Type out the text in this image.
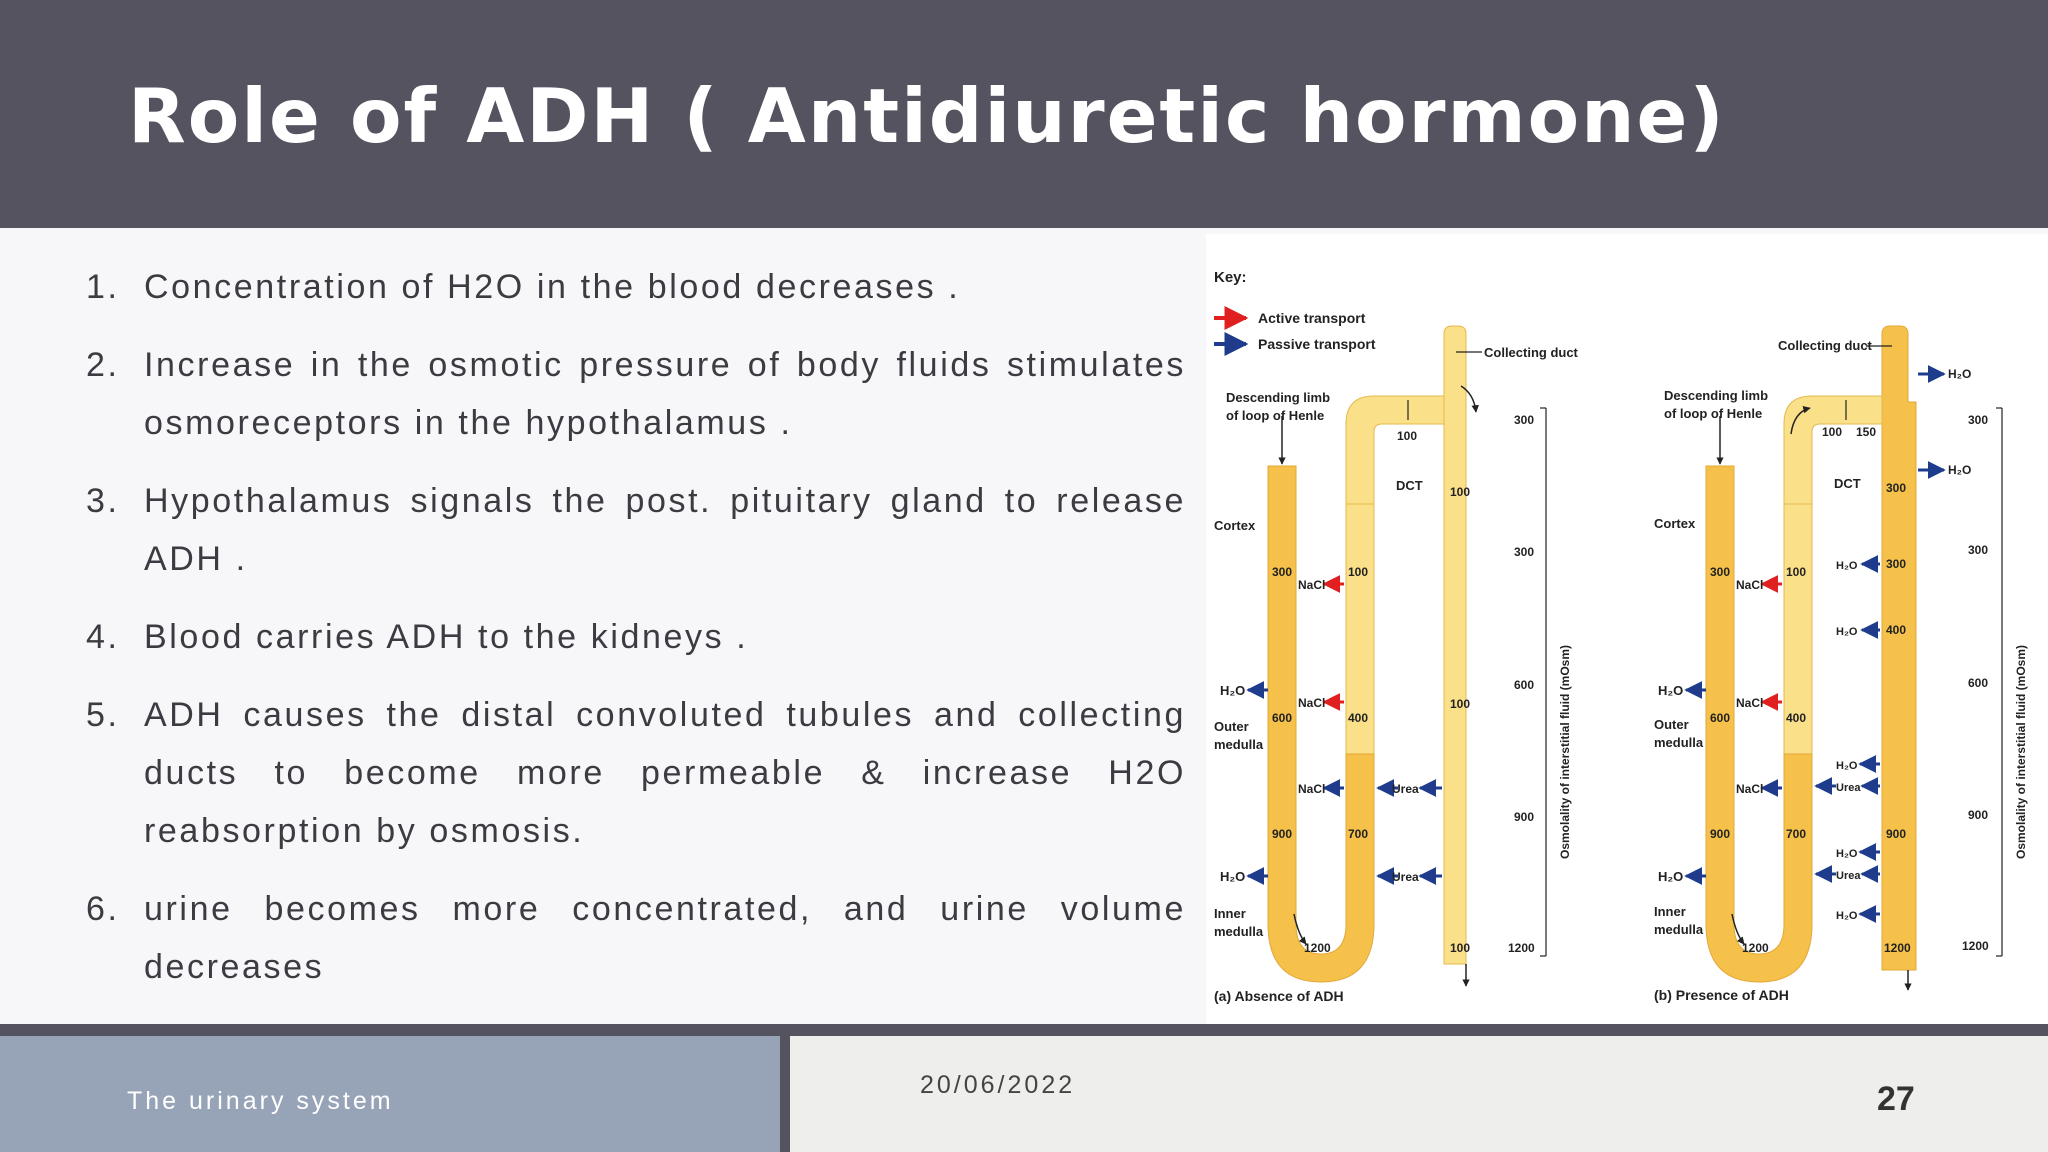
Role of ADH ( Antidiuretic hormone)
1. Concentration of H2O in the blood decreases .
2. Increase in the osmotic pressure of body fluids stimulates osmoreceptors in the hypothalamus .
3. Hypothalamus signals the post. pituitary gland to release ADH .
4. Blood carries ADH to the kidneys .
5. ADH causes the distal convoluted tubules and collecting ducts to become more permeable & increase H2O reabsorption by osmosis.
6. urine becomes more concentrated, and urine volume decreases
Key:
Active transport
Passive transport
Descending limb
of loop of Henle
Collecting duct
DCT
Cortex
Outer
medulla
Inner
medulla
H₂O
H₂O
NaCl
NaCl
NaCl	Urea
Urea
100
100
300	100
600	400
900	700
1200
100
100
300
300
600
900
1200
Osmolality of interstitial fluid (mOsm)
(a) Absence of ADH
Descending limb
of loop of Henle
Collecting duct
DCT
Cortex
Outer
medulla
Inner
medulla
H₂O
H₂O
H₂O
H₂O
NaCl
NaCl
NaCl
H₂O
H₂O
H₂O
Urea
H₂O
Urea
H₂O
100 150
300
300	100
300
400
600	400
900	700	900
1200	1200
300
300
600
900
1200
Osmolality of interstitial fluid (mOsm)
(b) Presence of ADH
The urinary system
20/06/2022	27
